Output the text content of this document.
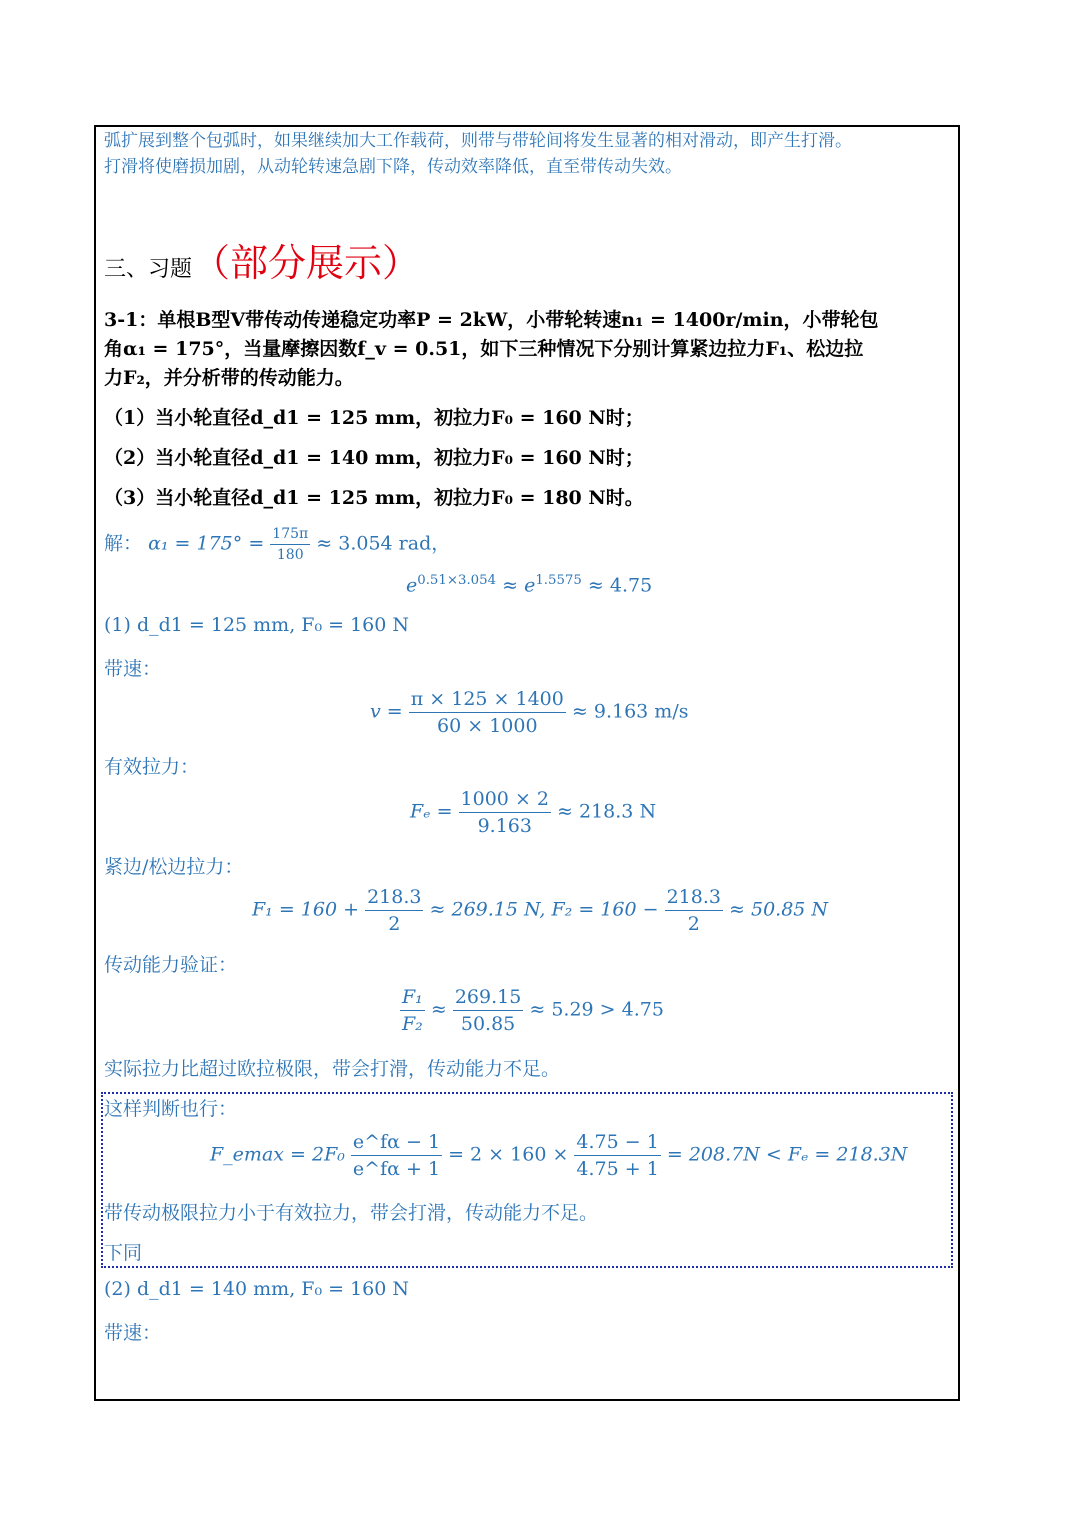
弧扩展到整个包弧时，如果继续加大工作载荷，则带与带轮间将发生显著的相对滑动，即产生打滑。
打滑将使磨损加剧，从动轮转速急剧下降，传动效率降低，直至带传动失效。
三、习题（部分展示）
3-1：单根B型V带传动传递稳定功率P = 2kW，小带轮转速n₁ = 1400r/min，小带轮包
角α₁ = 175°，当量摩擦因数f_v = 0.51，如下三种情况下分别计算紧边拉力F₁、松边拉
力F₂，并分析带的传动能力。
（1）当小轮直径d_d1 = 125 mm，初拉力F₀ = 160 N时；
（2）当小轮直径d_d1 = 140 mm，初拉力F₀ = 160 N时；
（3）当小轮直径d_d1 = 125 mm，初拉力F₀ = 180 N时。
解： $\alpha_1 = 175^\circ = \frac{175\pi}{180} \approx 3.054$ rad，
$e^{0.51\times 3.054} \approx e^{1.5575} \approx 4.75$
(1) d_d1 = 125 mm, F₀ = 160 N
带速：
$v = \frac{\pi \times 125 \times 1400}{60 \times 1000} \approx 9.163$ m/s
有效拉力：
$F_e = \frac{1000 \times 2}{9.163} \approx 218.3$ N
紧边/松边拉力：
$F_1 = 160 + \frac{218.3}{2} \approx 269.15$ N, $F_2 = 160 - \frac{218.3}{2} \approx 50.85$ N
传动能力验证：
$\frac{\text{F₁}}{\text{F₂}} \approx \frac{269.15}{50.85} \approx 5.29 > 4.75$
实际拉力比超过欧拉极限，带会打滑，传动能力不足。
这样判断也行：
F_emax = $2F_0 \frac{e\^{}f\alpha - 1}{e\^{}f\alpha + 1} = 2 \times 160 \times \frac{4.75 - 1}{4.75 + 1} = 208.7N < F_e = 218.3N$
带传动极限拉力小于有效拉力，带会打滑，传动能力不足。
下同
(2) d_d1 = 140 mm, F₀ = 160 N
带速：
